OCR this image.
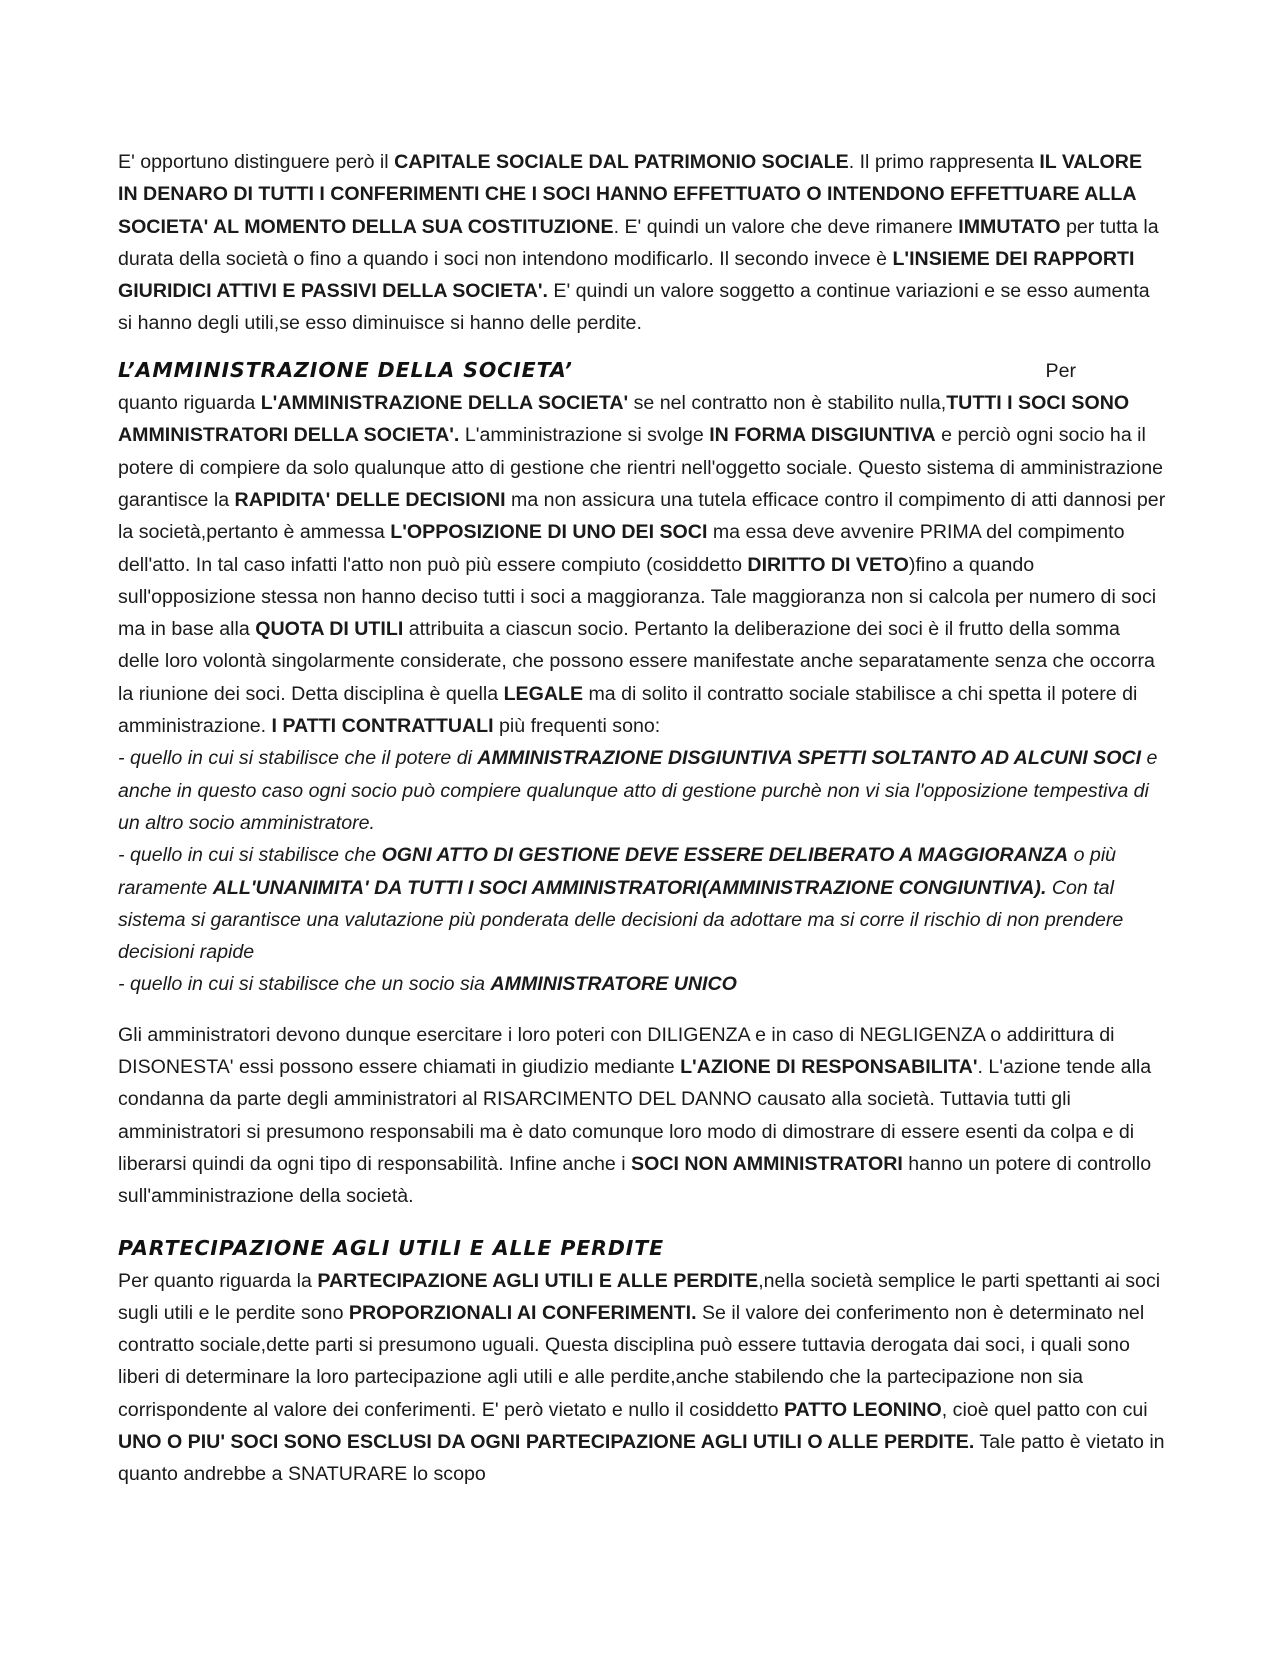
E' opportuno distinguere però il CAPITALE SOCIALE DAL PATRIMONIO SOCIALE. Il primo rappresenta IL VALORE IN DENARO DI TUTTI I CONFERIMENTI CHE I SOCI HANNO EFFETTUATO O INTENDONO EFFETTUARE ALLA SOCIETA' AL MOMENTO DELLA SUA COSTITUZIONE. E' quindi un valore che deve rimanere IMMUTATO per tutta la durata della società o fino a quando i soci non intendono modificarlo. Il secondo invece è L'INSIEME DEI RAPPORTI GIURIDICI ATTIVI E PASSIVI DELLA SOCIETA'. E' quindi un valore soggetto a continue variazioni e se esso aumenta si hanno degli utili,se esso diminuisce si hanno delle perdite.

L’AMMINISTRAZIONE DELLA SOCIETA’	Per

quanto riguarda L'AMMINISTRAZIONE DELLA SOCIETA' se nel contratto non è stabilito nulla,TUTTI I SOCI SONO AMMINISTRATORI DELLA SOCIETA'. L'amministrazione si svolge IN FORMA DISGIUNTIVA e perciò ogni socio ha il potere di compiere da solo qualunque atto di gestione che rientri nell'oggetto sociale. Questo sistema di amministrazione garantisce la RAPIDITA' DELLE DECISIONI ma non assicura una tutela efficace contro il compimento di atti dannosi per la società,pertanto è ammessa L'OPPOSIZIONE DI UNO DEI SOCI ma essa deve avvenire PRIMA del compimento dell'atto. In tal caso infatti l'atto non può più essere compiuto (cosiddetto DIRITTO DI VETO)fino a quando sull'opposizione stessa non hanno deciso tutti i soci a maggioranza. Tale maggioranza non si calcola per numero di soci ma in base alla QUOTA DI UTILI attribuita a ciascun socio. Pertanto la deliberazione dei soci è il frutto della somma delle loro volontà singolarmente considerate, che possono essere manifestate anche separatamente senza che occorra la riunione dei soci. Detta disciplina è quella LEGALE ma di solito il contratto sociale stabilisce a chi spetta il potere di amministrazione. I PATTI CONTRATTUALI più frequenti sono:

- quello in cui si stabilisce che il potere di AMMINISTRAZIONE DISGIUNTIVA SPETTI SOLTANTO AD ALCUNI SOCI e anche in questo caso ogni socio può compiere qualunque atto di gestione purchè non vi sia l'opposizione tempestiva di un altro socio amministratore.

- quello in cui si stabilisce che OGNI ATTO DI GESTIONE DEVE ESSERE DELIBERATO A MAGGIORANZA o più raramente ALL'UNANIMITA' DA TUTTI I SOCI AMMINISTRATORI(AMMINISTRAZIONE CONGIUNTIVA). Con tal sistema si garantisce una valutazione più ponderata delle decisioni da adottare ma si corre il rischio di non prendere decisioni rapide

- quello in cui si stabilisce che un socio sia AMMINISTRATORE UNICO

Gli amministratori devono dunque esercitare i loro poteri con DILIGENZA e in caso di NEGLIGENZA o addirittura di DISONESTA' essi possono essere chiamati in giudizio mediante L'AZIONE DI RESPONSABILITA'. L'azione tende alla condanna da parte degli amministratori al RISARCIMENTO DEL DANNO causato alla società. Tuttavia tutti gli amministratori si presumono responsabili ma è dato comunque loro modo di dimostrare di essere esenti da colpa e di liberarsi quindi da ogni tipo di responsabilità. Infine anche i SOCI NON AMMINISTRATORI hanno un potere di controllo sull'amministrazione della società.

PARTECIPAZIONE AGLI UTILI E ALLE PERDITE

Per quanto riguarda la PARTECIPAZIONE AGLI UTILI E ALLE PERDITE,nella società semplice le parti spettanti ai soci sugli utili e le perdite sono PROPORZIONALI AI CONFERIMENTI. Se il valore dei conferimento non è determinato nel contratto sociale,dette parti si presumono uguali. Questa disciplina può essere tuttavia derogata dai soci, i quali sono liberi di determinare la loro partecipazione agli utili e alle perdite,anche stabilendo che la partecipazione non sia corrispondente al valore dei conferimenti. E' però vietato e nullo il cosiddetto PATTO LEONINO, cioè quel patto con cui UNO O PIU' SOCI SONO ESCLUSI DA OGNI PARTECIPAZIONE AGLI UTILI O ALLE PERDITE. Tale patto è vietato in quanto andrebbe a SNATURARE lo scopo
